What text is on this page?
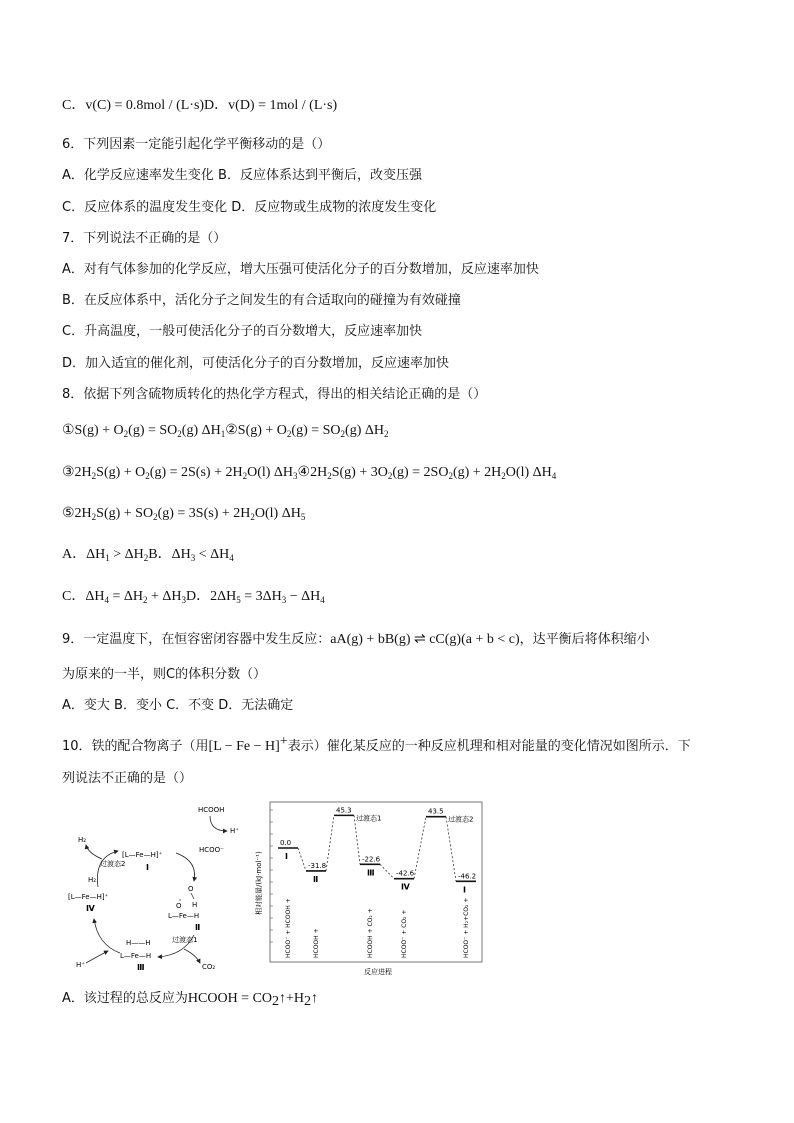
C．v(C) = 0.8mol / (L·s)D．v(D) = 1mol / (L·s)
6．下列因素一定能引起化学平衡移动的是（）
A．化学反应速率发生变化 B．反应体系达到平衡后，改变压强
C．反应体系的温度发生变化 D．反应物或生成物的浓度发生变化
7．下列说法不正确的是（）
A．对有气体参加的化学反应，增大压强可使活化分子的百分数增加，反应速率加快
B．在反应体系中，活化分子之间发生的有合适取向的碰撞为有效碰撞
C．升高温度，一般可使活化分子的百分数增大，反应速率加快
D．加入适宜的催化剂，可使活化分子的百分数增加，反应速率加快
8．依据下列含硫物质转化的热化学方程式，得出的相关结论正确的是（）
①S(g) + $O_2(g) = SO_2(g)$ $\Delta H_1②S(g) + O_2(g) = SO_2(g)$ $\Delta H_2$
$③2H_2S(g) + O_2(g) = 2S(s) + 2H_2O(l)$ $\Delta H_3④2H_2S(g) + 3O_2(g) = 2SO_2(g) + 2H_2O(l)$ $\Delta H_4$
$⑤2H_2S(g) + SO_2(g) = 3S(s) + 2H_2O(l)$ $\Delta H_5$
A．$\Delta H_1 > \Delta H_2B$．$\Delta H_3 < \Delta H_4$
C．$\Delta H_4 = \Delta H_2 + \Delta H_3D$．$2\Delta H_5 = 3\Delta H_3 - \Delta H_4$
9．一定温度下，在恒容密闭容器中发生反应：aA(g) + bB(g) ⇌ cC(g)(a + b < c)，达平衡后将体积缩小
为原来的一半，则C的体积分数（）
A．变大 B．变小 C．不变 D．无法确定
10．铁的配合物离子（用[L − Fe − H]+表示）催化某反应的一种反应机理和相对能量的变化情况如图所示．下
列说法不正确的是（）
HCOOH
H⁺
HCOO⁻
H₂
[L—Fe—H]⁺
Ⅰ
过渡态2
O
H
O
L—Fe—H
Ⅱ
过渡态1
CO₂
H——H
L—Fe—H
Ⅲ
H₂
[L—Fe—H]⁺
Ⅳ
H⁺
相对能量/(kJ·mol⁻¹)
反应进程
0.0
Ⅰ
HCOO⁻ + HCOOH +
-31.8
Ⅱ
HCOOH +
45.3
过渡态1
-22.6
Ⅲ
HCOOH + CO₂ +
-42.6
Ⅳ
HCOO⁻ + CO₂ +
43.5
过渡态2
-46.2
Ⅰ
HCOO⁻ + H₂+CO₂ +
A．该过程的总反应为HCOOH = $CO_2↑+H_2↑$
